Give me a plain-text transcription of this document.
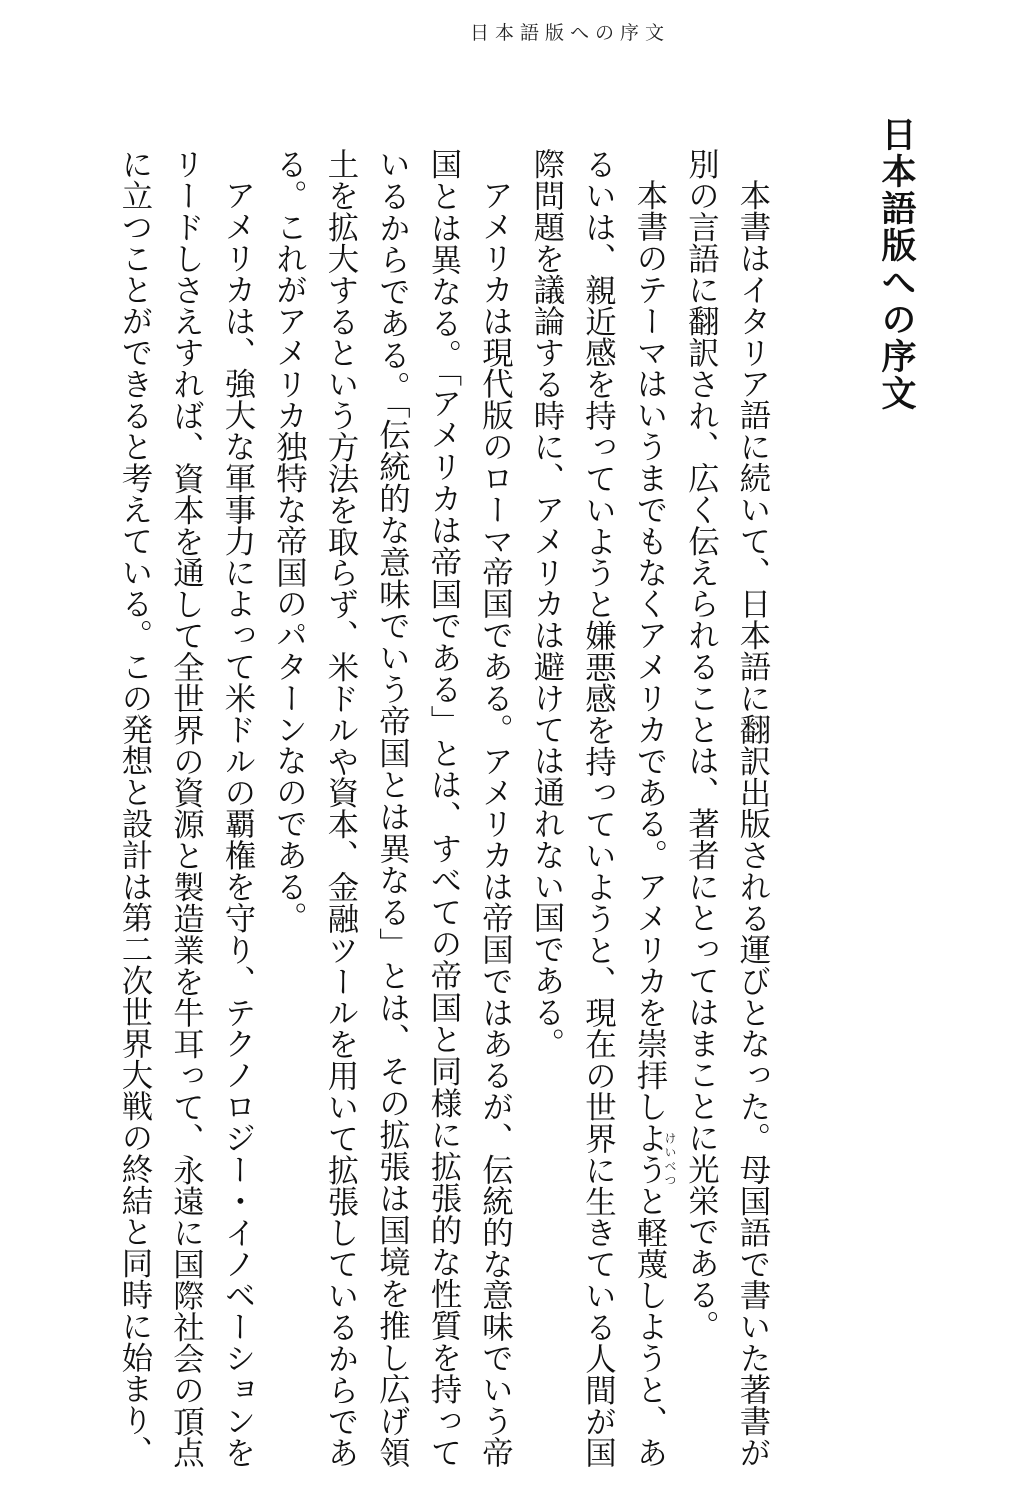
日本語版への序文
日本語版への序文

本書はイタリア語に続いて、日本語に翻訳出版される運びとなった。母国語で書いた著書が別の言語に翻訳され、広く伝えられることは、著者にとってはまことに光栄である。

本書のテーマはいうまでもなくアメリカである。アメリカを崇拝しようと軽蔑しようと、あるいは、親近感を持っていようと嫌悪感を持っていようと、現在の世界に生きている人間が国際問題を議論する時に、アメリカは避けては通れない国である。

アメリカは現代版のローマ帝国である。アメリカは帝国ではあるが、伝統的な意味でいう帝国とは異なる。「アメリカは帝国である」とは、すべての帝国と同様に拡張的な性質を持っているからである。「伝統的な意味でいう帝国とは異なる」とは、その拡張は国境を推し広げ領土を拡大するという方法を取らず、米ドルや資本、金融ツールを用いて拡張しているからである。これがアメリカ独特な帝国のパターンなのである。

アメリカは、強大な軍事力によって米ドルの覇権を守り、テクノロジー・イノベーションをリードしさえすれば、資本を通して全世界の資源と製造業を牛耳って、永遠に国際社会の頂点に立つことができると考えている。この発想と設計は第二次世界大戦の終結と同時に始まり、	けいべつ
